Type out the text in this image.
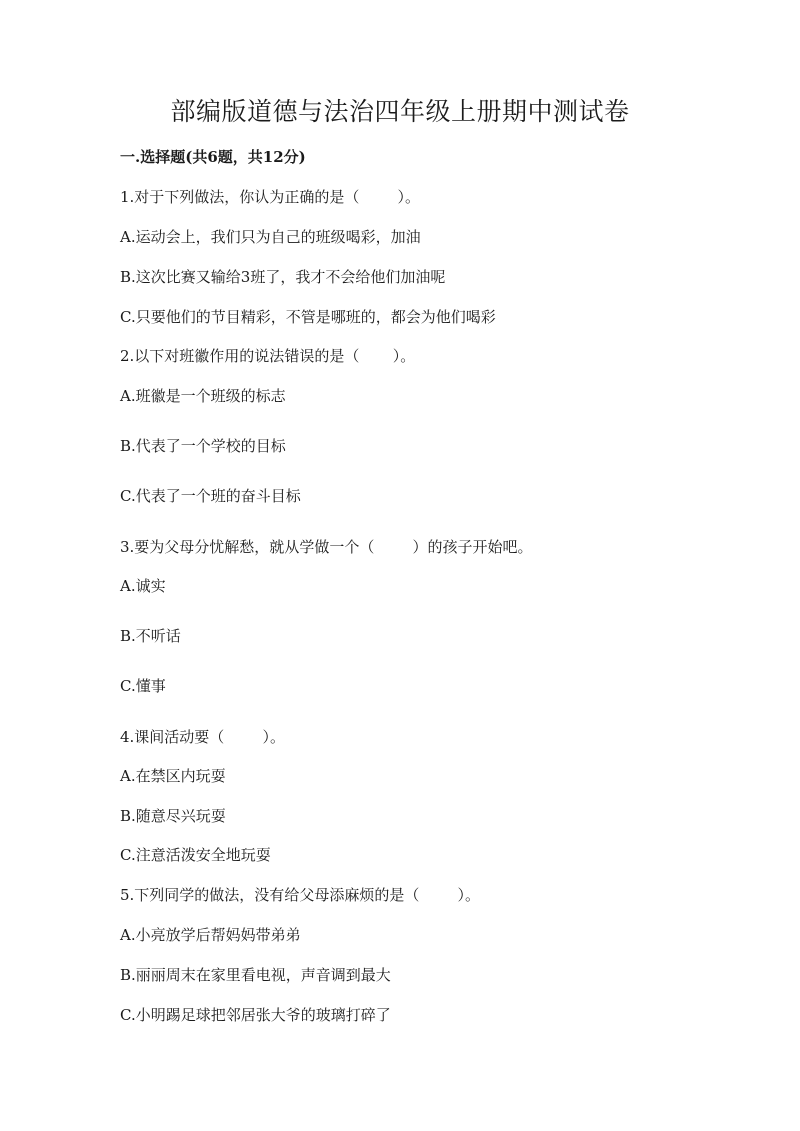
部编版道德与法治四年级上册期中测试卷
一.选择题(共6题，共12分)

1.对于下列做法，你认为正确的是（        ）。

A.运动会上，我们只为自己的班级喝彩，加油

B.这次比赛又输给3班了，我才不会给他们加油呢

C.只要他们的节目精彩，不管是哪班的，都会为他们喝彩

2.以下对班徽作用的说法错误的是（       ）。

A.班徽是一个班级的标志

B.代表了一个学校的目标

C.代表了一个班的奋斗目标

3.要为父母分忧解愁，就从学做一个（        ）的孩子开始吧。

A.诚实

B.不听话

C.懂事

4.课间活动要（        ）。

A.在禁区内玩耍

B.随意尽兴玩耍

C.注意活泼安全地玩耍

5.下列同学的做法，没有给父母添麻烦的是（        ）。

A.小亮放学后帮妈妈带弟弟

B.丽丽周末在家里看电视，声音调到最大

C.小明踢足球把邻居张大爷的玻璃打碎了
